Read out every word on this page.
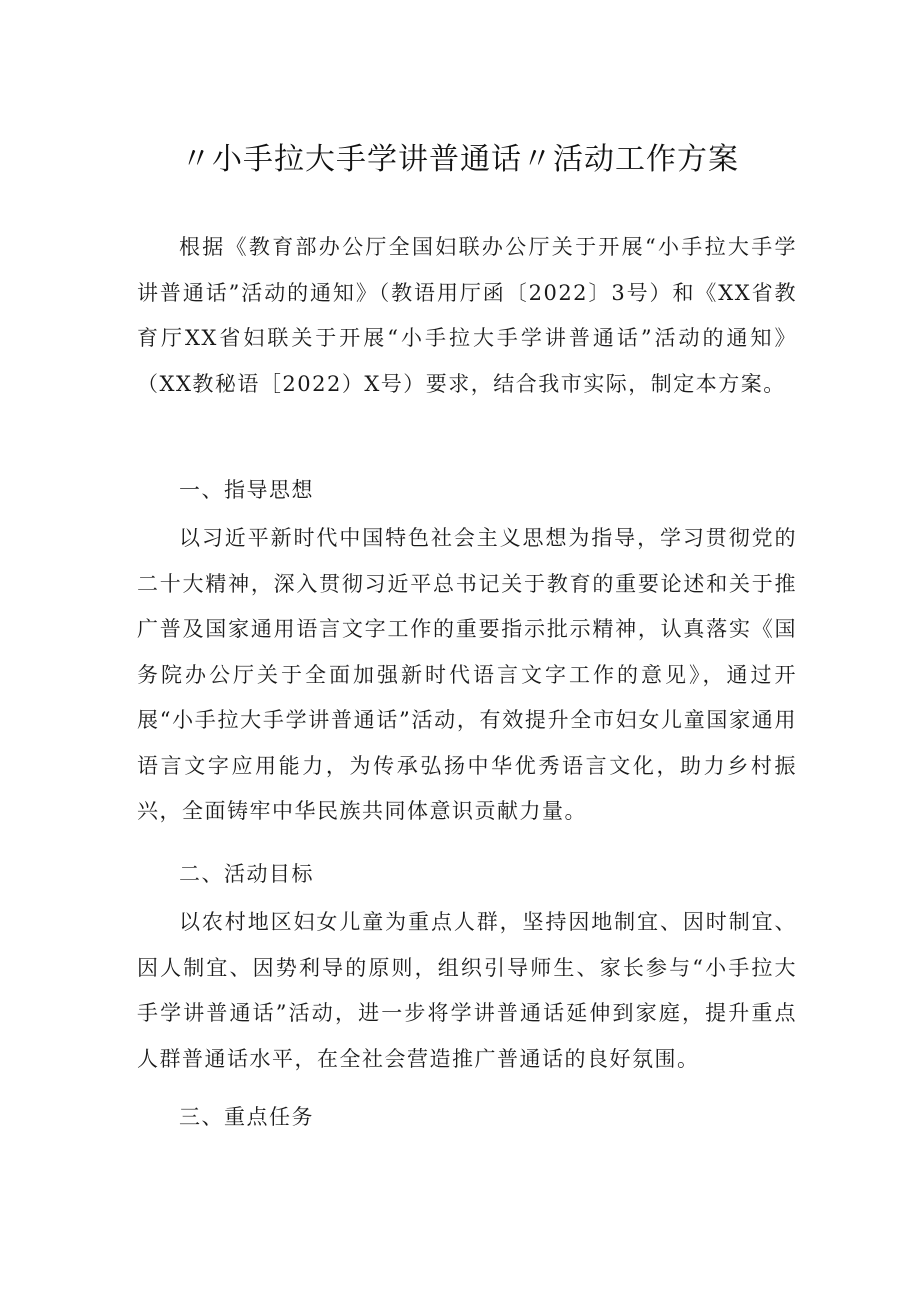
〃小手拉大手学讲普通话〃活动工作方案

根据《教育部办公厅全国妇联办公厅关于开展“小手拉大手学讲普通话”活动的通知》（教语用厅函〔2022〕3号）和《XX省教育厅XX省妇联关于开展“小手拉大手学讲普通话”活动的通知》（XX教秘语［2022）X号）要求，结合我市实际，制定本方案。

一、指导思想

以习近平新时代中国特色社会主义思想为指导，学习贯彻党的二十大精神，深入贯彻习近平总书记关于教育的重要论述和关于推广普及国家通用语言文字工作的重要指示批示精神，认真落实《国务院办公厅关于全面加强新时代语言文字工作的意见》，通过开展“小手拉大手学讲普通话”活动，有效提升全市妇女儿童国家通用语言文字应用能力，为传承弘扬中华优秀语言文化，助力乡村振兴，全面铸牢中华民族共同体意识贡献力量。

二、活动目标

以农村地区妇女儿童为重点人群，坚持因地制宜、因时制宜、因人制宜、因势利导的原则，组织引导师生、家长参与“小手拉大手学讲普通话”活动，进一步将学讲普通话延伸到家庭，提升重点人群普通话水平，在全社会营造推广普通话的良好氛围。

三、重点任务
